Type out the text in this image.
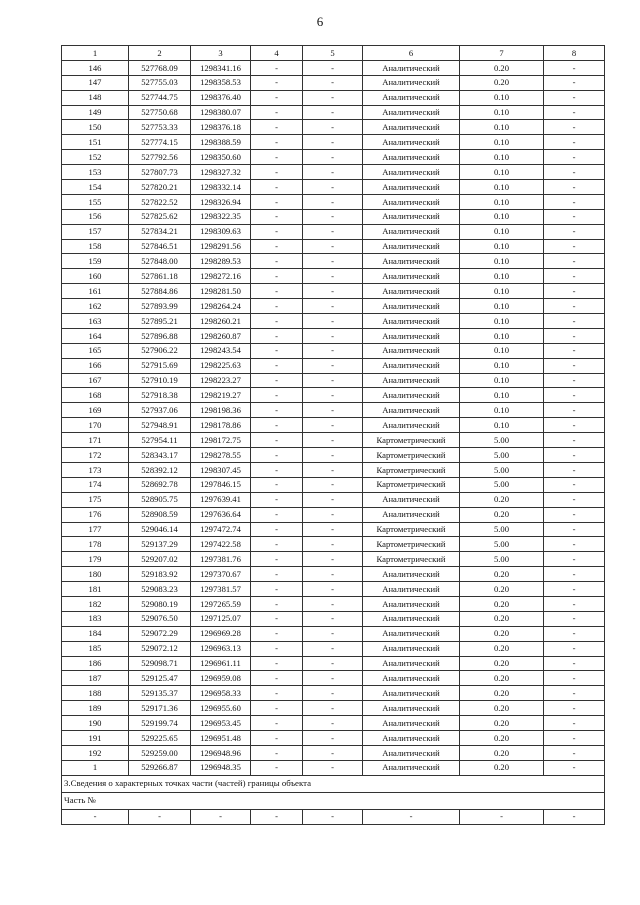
6
1	2	3	4	5	6	7	8
146	527768.09	1298341.16	-	-	Аналитический	0.20	-
147	527755.03	1298358.53	-	-	Аналитический	0.20	-
148	527744.75	1298376.40	-	-	Аналитический	0.10	-
149	527750.68	1298380.07	-	-	Аналитический	0.10	-
150	527753.33	1298376.18	-	-	Аналитический	0.10	-
151	527774.15	1298388.59	-	-	Аналитический	0.10	-
152	527792.56	1298350.60	-	-	Аналитический	0.10	-
153	527807.73	1298327.32	-	-	Аналитический	0.10	-
154	527820.21	1298332.14	-	-	Аналитический	0.10	-
155	527822.52	1298326.94	-	-	Аналитический	0.10	-
156	527825.62	1298322.35	-	-	Аналитический	0.10	-
157	527834.21	1298309.63	-	-	Аналитический	0.10	-
158	527846.51	1298291.56	-	-	Аналитический	0.10	-
159	527848.00	1298289.53	-	-	Аналитический	0.10	-
160	527861.18	1298272.16	-	-	Аналитический	0.10	-
161	527884.86	1298281.50	-	-	Аналитический	0.10	-
162	527893.99	1298264.24	-	-	Аналитический	0.10	-
163	527895.21	1298260.21	-	-	Аналитический	0.10	-
164	527896.88	1298260.87	-	-	Аналитический	0.10	-
165	527906.22	1298243.54	-	-	Аналитический	0.10	-
166	527915.69	1298225.63	-	-	Аналитический	0.10	-
167	527910.19	1298223.27	-	-	Аналитический	0.10	-
168	527918.38	1298219.27	-	-	Аналитический	0.10	-
169	527937.06	1298198.36	-	-	Аналитический	0.10	-
170	527948.91	1298178.86	-	-	Аналитический	0.10	-
171	527954.11	1298172.75	-	-	Картометрический	5.00	-
172	528343.17	1298278.55	-	-	Картометрический	5.00	-
173	528392.12	1298307.45	-	-	Картометрический	5.00	-
174	528692.78	1297846.15	-	-	Картометрический	5.00	-
175	528905.75	1297639.41	-	-	Аналитический	0.20	-
176	528908.59	1297636.64	-	-	Аналитический	0.20	-
177	529046.14	1297472.74	-	-	Картометрический	5.00	-
178	529137.29	1297422.58	-	-	Картометрический	5.00	-
179	529207.02	1297381.76	-	-	Картометрический	5.00	-
180	529183.92	1297370.67	-	-	Аналитический	0.20	-
181	529083.23	1297381.57	-	-	Аналитический	0.20	-
182	529080.19	1297265.59	-	-	Аналитический	0.20	-
183	529076.50	1297125.07	-	-	Аналитический	0.20	-
184	529072.29	1296969.28	-	-	Аналитический	0.20	-
185	529072.12	1296963.13	-	-	Аналитический	0.20	-
186	529098.71	1296961.11	-	-	Аналитический	0.20	-
187	529125.47	1296959.08	-	-	Аналитический	0.20	-
188	529135.37	1296958.33	-	-	Аналитический	0.20	-
189	529171.36	1296955.60	-	-	Аналитический	0.20	-
190	529199.74	1296953.45	-	-	Аналитический	0.20	-
191	529225.65	1296951.48	-	-	Аналитический	0.20	-
192	529259.00	1296948.96	-	-	Аналитический	0.20	-
1	529266.87	1296948.35	-	-	Аналитический	0.20	-
3.Сведения о характерных точках части (частей) границы объекта							
Часть №							
-	-	-	-	-	-	-	-
